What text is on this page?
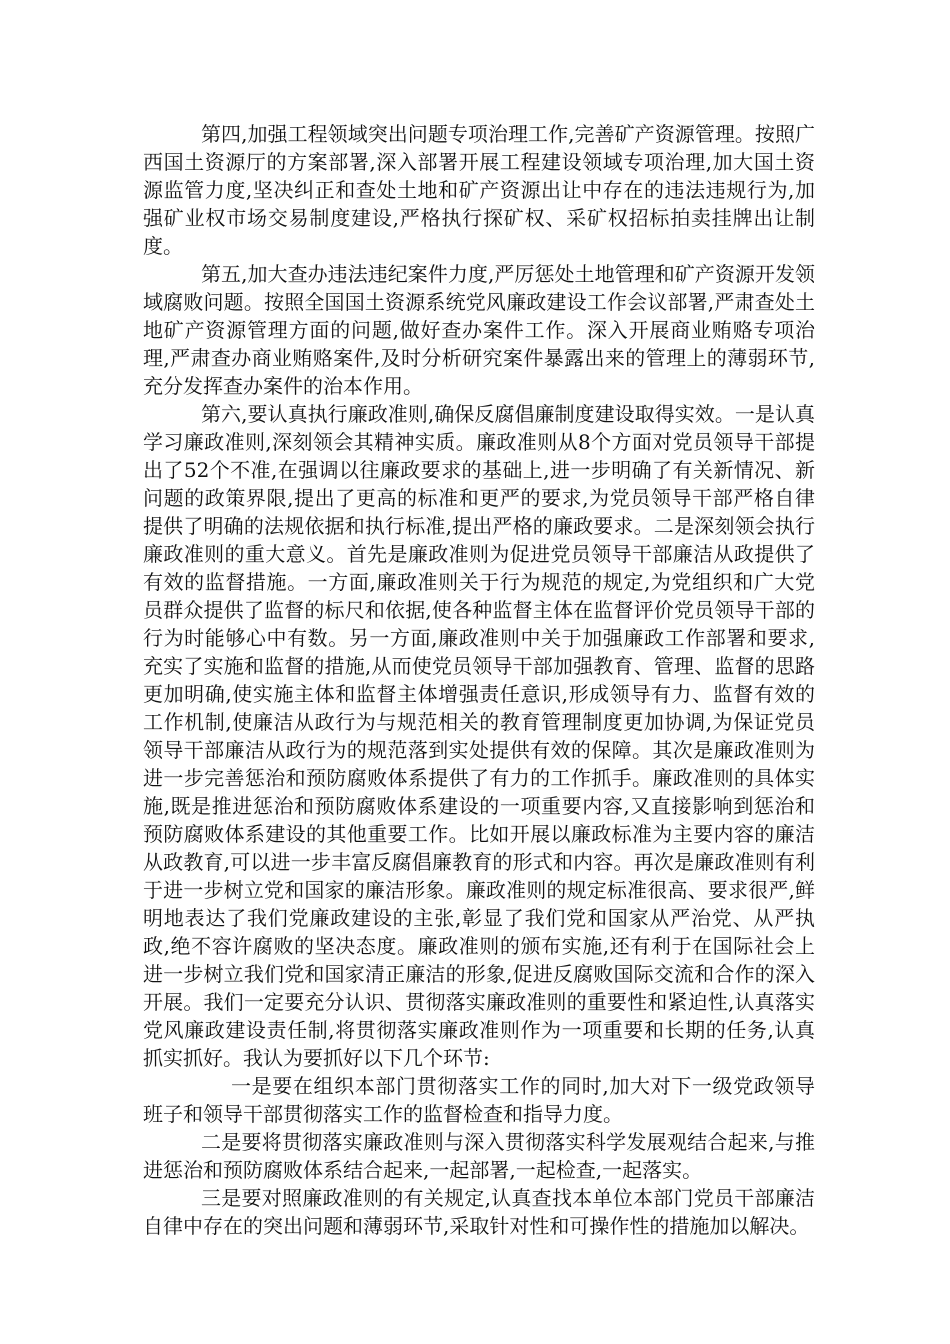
第四,加强工程领域突出问题专项治理工作,完善矿产资源管理。按照广西国土资源厅的方案部署,深入部署开展工程建设领域专项治理,加大国土资源监管力度,坚决纠正和查处土地和矿产资源出让中存在的违法违规行为,加强矿业权市场交易制度建设,严格执行探矿权、采矿权招标拍卖挂牌出让制度。

第五,加大查办违法违纪案件力度,严厉惩处土地管理和矿产资源开发领域腐败问题。按照全国国土资源系统党风廉政建设工作会议部署,严肃查处土地矿产资源管理方面的问题,做好查办案件工作。深入开展商业贿赂专项治理,严肃查办商业贿赂案件,及时分析研究案件暴露出来的管理上的薄弱环节,充分发挥查办案件的治本作用。

第六,要认真执行廉政准则,确保反腐倡廉制度建设取得实效。一是认真学习廉政准则,深刻领会其精神实质。廉政准则从8个方面对党员领导干部提出了52个不准,在强调以往廉政要求的基础上,进一步明确了有关新情况、新问题的政策界限,提出了更高的标准和更严的要求,为党员领导干部严格自律提供了明确的法规依据和执行标准,提出严格的廉政要求。二是深刻领会执行廉政准则的重大意义。首先是廉政准则为促进党员领导干部廉洁从政提供了有效的监督措施。一方面,廉政准则关于行为规范的规定,为党组织和广大党员群众提供了监督的标尺和依据,使各种监督主体在监督评价党员领导干部的行为时能够心中有数。另一方面,廉政准则中关于加强廉政工作部署和要求,充实了实施和监督的措施,从而使党员领导干部加强教育、管理、监督的思路更加明确,使实施主体和监督主体增强责任意识,形成领导有力、监督有效的工作机制,使廉洁从政行为与规范相关的教育管理制度更加协调,为保证党员领导干部廉洁从政行为的规范落到实处提供有效的保障。其次是廉政准则为进一步完善惩治和预防腐败体系提供了有力的工作抓手。廉政准则的具体实施,既是推进惩治和预防腐败体系建设的一项重要内容,又直接影响到惩治和预防腐败体系建设的其他重要工作。比如开展以廉政标准为主要内容的廉洁从政教育,可以进一步丰富反腐倡廉教育的形式和内容。再次是廉政准则有利于进一步树立党和国家的廉洁形象。廉政准则的规定标准很高、要求很严,鲜明地表达了我们党廉政建设的主张,彰显了我们党和国家从严治党、从严执政,绝不容许腐败的坚决态度。廉政准则的颁布实施,还有利于在国际社会上进一步树立我们党和国家清正廉洁的形象,促进反腐败国际交流和合作的深入开展。我们一定要充分认识、贯彻落实廉政准则的重要性和紧迫性,认真落实党风廉政建设责任制,将贯彻落实廉政准则作为一项重要和长期的任务,认真抓实抓好。我认为要抓好以下几个环节:

一是要在组织本部门贯彻落实工作的同时,加大对下一级党政领导班子和领导干部贯彻落实工作的监督检查和指导力度。

二是要将贯彻落实廉政准则与深入贯彻落实科学发展观结合起来,与推进惩治和预防腐败体系结合起来,一起部署,一起检查,一起落实。

三是要对照廉政准则的有关规定,认真查找本单位本部门党员干部廉洁自律中存在的突出问题和薄弱环节,采取针对性和可操作性的措施加以解决。
